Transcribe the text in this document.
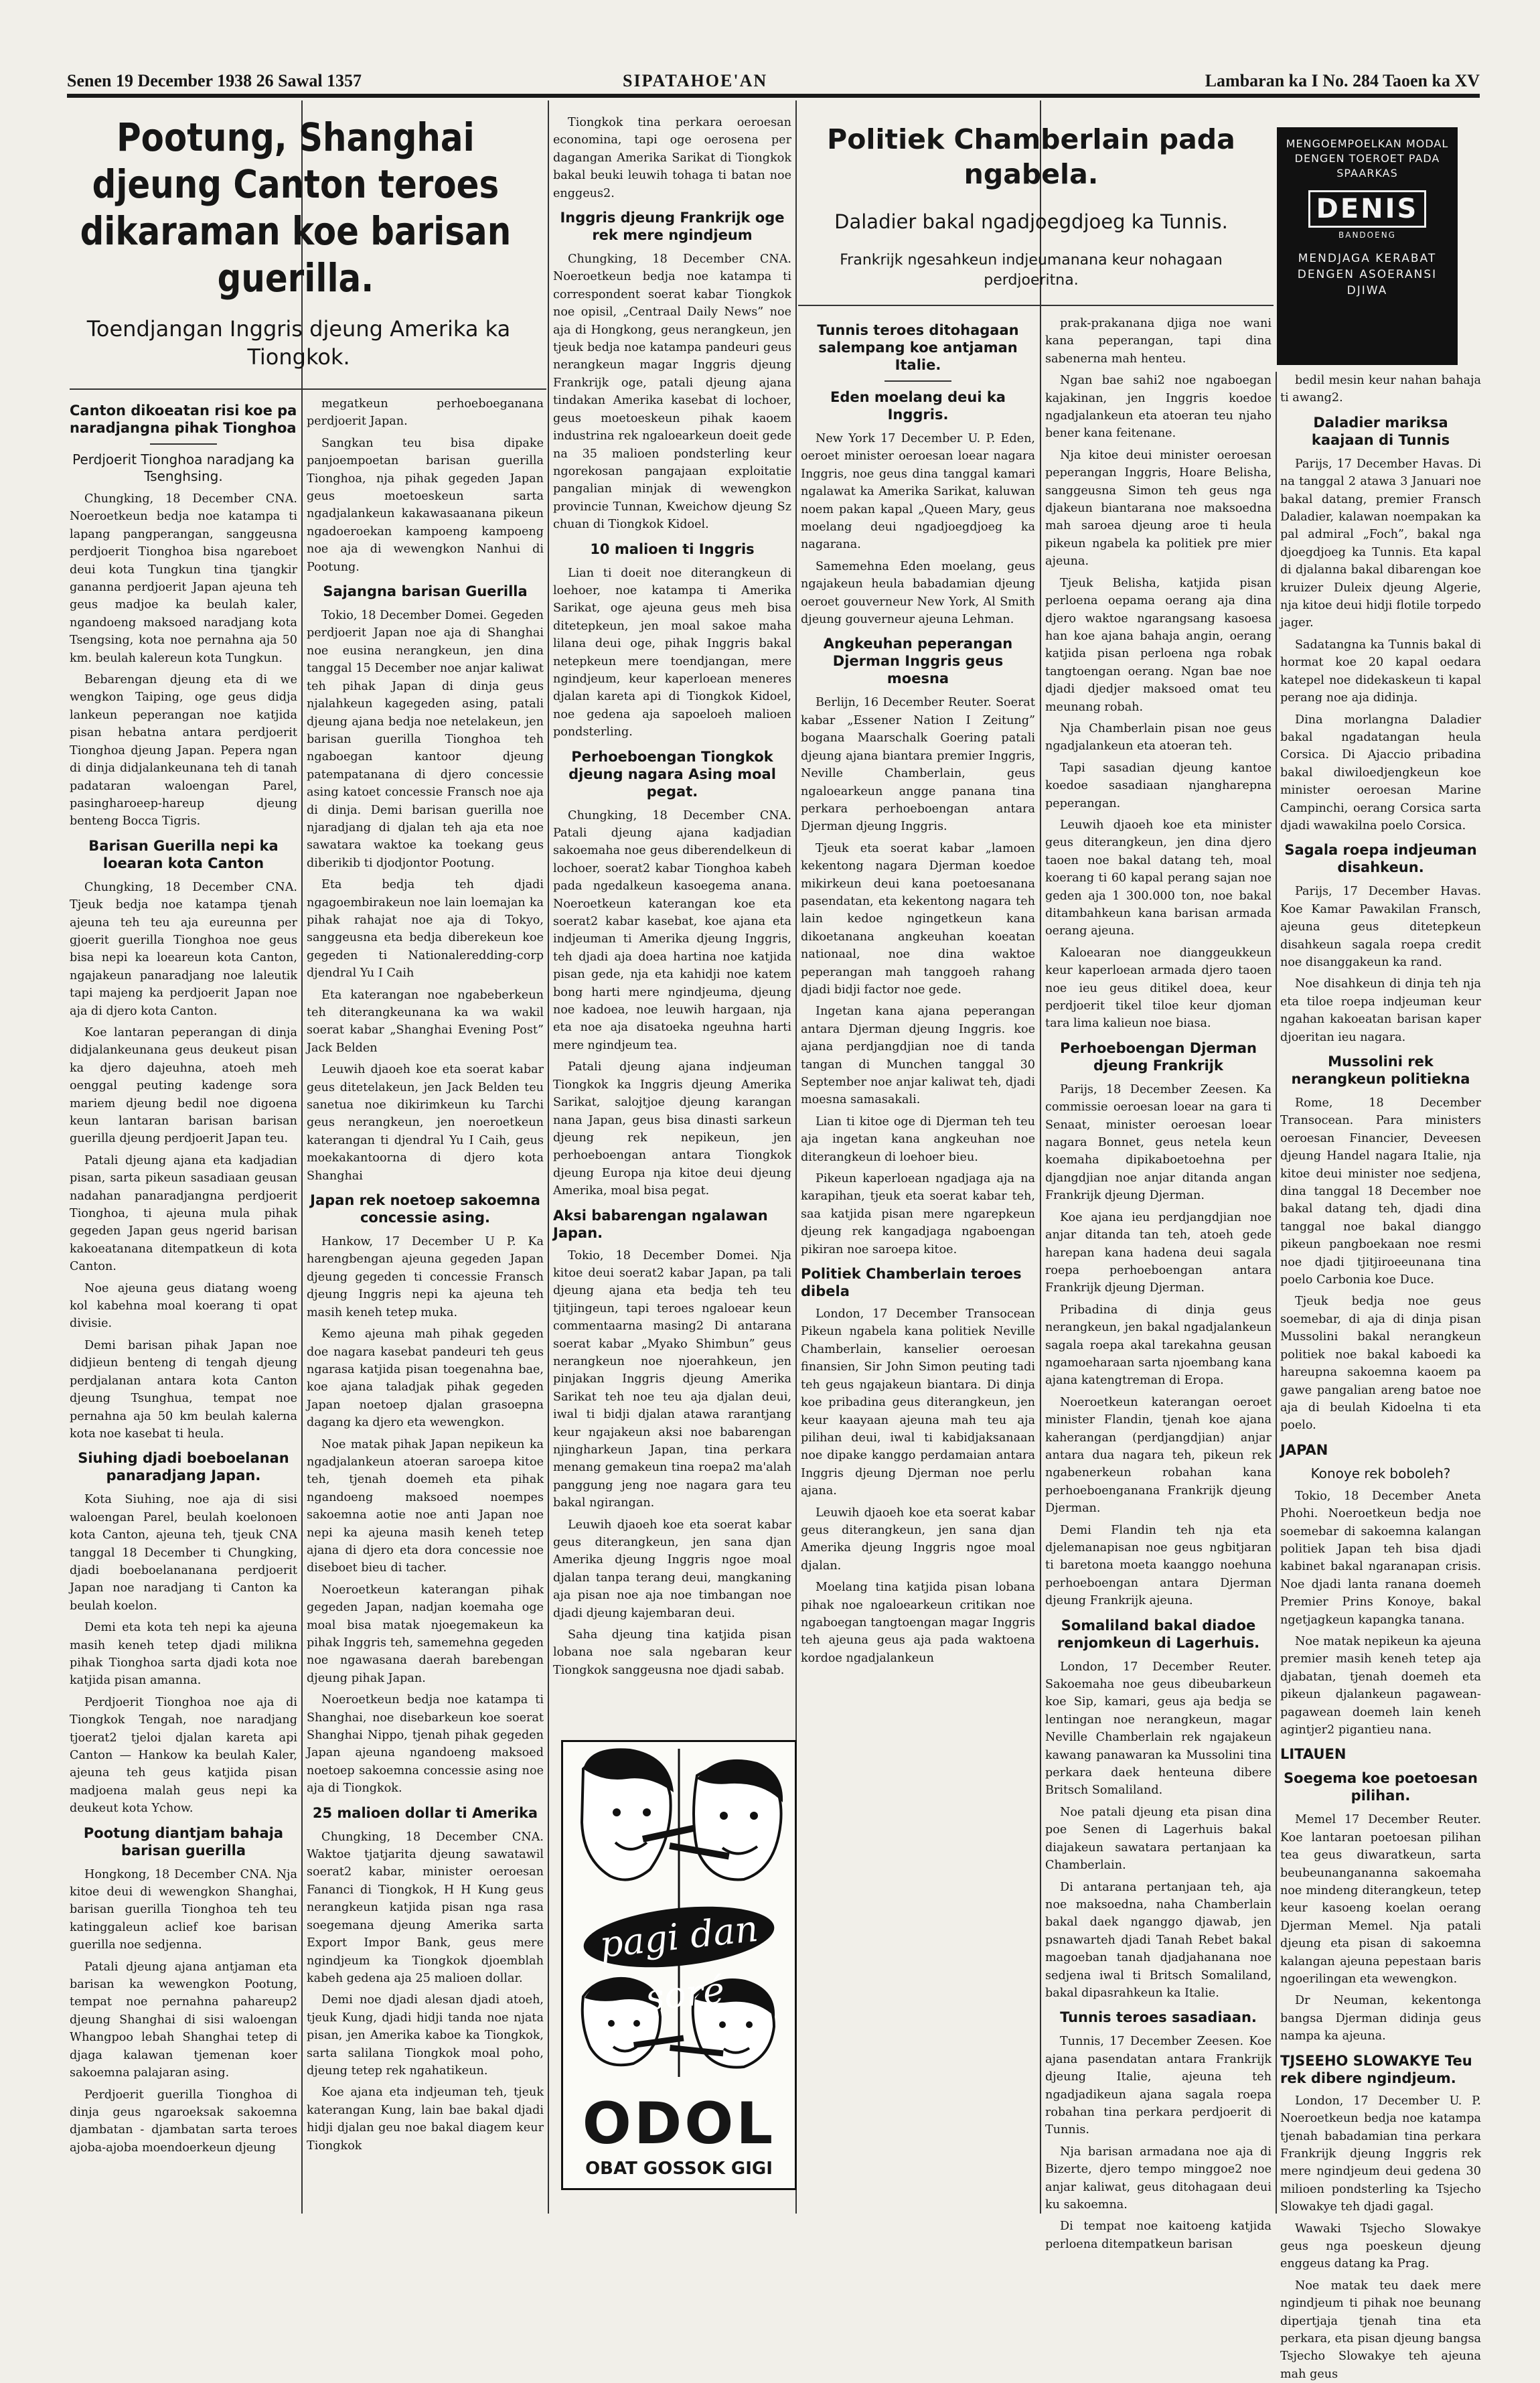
Senen 19 December 1938 26 Sawal 1357	SIPATAHOE'AN	Lambaran ka I No. 284 Taoen ka XV
Pootung, Shanghai djeung Canton teroes dikaraman koe barisan guerilla.
Toendjangan Inggris djeung Amerika ka Tiongkok.
Canton dikoeatan risi koe pa naradjangna pihak Tionghoa
Perdjoerit Tionghoa naradjang ka Tsenghsing.

Chungking, 18 December CNA. Noeroetkeun bedja noe katampa ti lapang pangperangan, sanggeusna perdjoerit Tionghoa bisa ngareboet deui kota Tungkun tina tjangkir gananna perdjoerit Japan ajeuna teh geus madjoe ka beulah kaler, ngandoeng maksoed naradjang kota Tsengsing, kota noe pernahna aja 50 km. beulah kalereun kota Tungkun.

Bebarengan djeung eta di we wengkon Taiping, oge geus didja lankeun peperangan noe katjida pisan hebatna antara perdjoerit Tionghoa djeung Japan. Pepera ngan di dinja didjalankeunana teh di tanah padataran waloengan Parel, pasingharoeep-hareup djeung benteng Bocca Tigris.

Barisan Guerilla nepi ka loearan kota Canton

Chungking, 18 December CNA. Tjeuk bedja noe katampa tjenah ajeuna teh teu aja eureunna per gjoerit guerilla Tionghoa noe geus bisa nepi ka loeareun kota Canton, ngajakeun panaradjang noe laleutik tapi majeng ka perdjoerit Japan noe aja di djero kota Canton.

Koe lantaran peperangan di dinja didjalankeunana geus deukeut pisan ka djero dajeuhna, atoeh meh oenggal peuting kadenge sora mariem djeung bedil noe digoena keun lantaran barisan barisan guerilla djeung perdjoerit Japan teu.

Patali djeung ajana eta kadjadian pisan, sarta pikeun sasadiaan geusan nadahan panaradjangna perdjoerit Tionghoa, ti ajeuna mula pihak gegeden Japan geus ngerid barisan kakoeatanana ditempatkeun di kota Canton.

Noe ajeuna geus diatang woeng kol kabehna moal koerang ti opat divisie.

Demi barisan pihak Japan noe didjieun benteng di tengah djeung perdjalanan antara kota Canton djeung Tsunghua, tempat noe pernahna aja 50 km beulah kalerna kota noe kasebat ti heula.

Siuhing djadi boeboelanan panaradjang Japan.

Kota Siuhing, noe aja di sisi waloengan Parel, beulah koelonoen kota Canton, ajeuna teh, tjeuk CNA tanggal 18 December ti Chungking, djadi boeboelananana perdjoerit Japan noe naradjang ti Canton ka beulah koelon.

Demi eta kota teh nepi ka ajeuna masih keneh tetep djadi milikna pihak Tionghoa sarta djadi kota noe katjida pisan amanna.

Perdjoerit Tionghoa noe aja di Tiongkok Tengah, noe naradjang tjoerat2 tjeloi djalan kareta api Canton — Hankow ka beulah Kaler, ajeuna teh geus katjida pisan madjoena malah geus nepi ka deukeut kota Ychow.

Pootung diantjam bahaja barisan guerilla

Hongkong, 18 December CNA. Nja kitoe deui di wewengkon Shanghai, barisan guerilla Tionghoa teh teu katinggaleun aclief koe barisan guerilla noe sedjenna.

Patali djeung ajana antjaman eta barisan ka wewengkon Pootung, tempat noe pernahna pahareup2 djeung Shanghai di sisi waloengan Whangpoo lebah Shanghai tetep di djaga kalawan tjemenan koer sakoemna palajaran asing.

Perdjoerit guerilla Tionghoa di dinja geus ngaroeksak sakoemna djambatan - djambatan sarta teroes ajoba-ajoba moendoerkeun djeung

megatkeun perhoeboeganana perdjoerit Japan.

Sangkan teu bisa dipake panjoempoetan barisan guerilla Tionghoa, nja pihak gegeden Japan geus moetoeskeun sarta ngadjalankeun kakawasaanana pikeun ngadoeroekan kampoeng kampoeng noe aja di wewengkon Nanhui di Pootung.

Sajangna barisan Guerilla

Tokio, 18 December Domei. Gegeden perdjoerit Japan noe aja di Shanghai noe eusina nerangkeun, jen dina tanggal 15 December noe anjar kaliwat teh pihak Japan di dinja geus njalahkeun kagegeden asing, patali djeung ajana bedja noe netelakeun, jen barisan guerilla Tionghoa teh ngaboegan kantoor djeung patempatanana di djero concessie asing katoet concessie Fransch noe aja di dinja. Demi barisan guerilla noe njaradjang di djalan teh aja eta noe sawatara waktoe ka toekang geus diberikib ti djodjontor Pootung.

Eta bedja teh djadi ngagoembirakeun noe lain loemajan ka pihak rahajat noe aja di Tokyo, sanggeusna eta bedja diberekeun koe gegeden ti Nationaleredding-corp djendral Yu I Caih

Eta katerangan noe ngabeberkeun teh diterangkeunana ka wa wakil soerat kabar „Shanghai Evening Post” Jack Belden

Leuwih djaoeh koe eta soerat kabar geus ditetelakeun, jen Jack Belden teu sanetua noe dikirimkeun ku Tarchi geus nerangkeun, jen noeroetkeun katerangan ti djendral Yu I Caih, geus moekakantoorna di djero kota Shanghai

Japan rek noetoep sakoemna concessie asing.

Hankow, 17 December U P. Ka harengbengan ajeuna gegeden Japan djeung gegeden ti concessie Fransch djeung Inggris nepi ka ajeuna teh masih keneh tetep muka.

Kemo ajeuna mah pihak gegeden doe nagara kasebat pandeuri teh geus ngarasa katjida pisan toegenahna bae, koe ajana taladjak pihak gegeden Japan noetoep djalan grasoepna dagang ka djero eta wewengkon.

Noe matak pihak Japan nepikeun ka ngadjalankeun atoeran saroepa kitoe teh, tjenah doemeh eta pihak ngandoeng maksoed noempes sakoemna aotie noe anti Japan noe nepi ka ajeuna masih keneh tetep ajana di djero eta dora concessie noe diseboet bieu di tacher.

Noeroetkeun katerangan pihak gegeden Japan, nadjan koemaha oge moal bisa matak njoegemakeun ka pihak Inggris teh, samemehna gegeden noe ngawasana daerah barebengan djeung pihak Japan.

Noeroetkeun bedja noe katampa ti Shanghai, noe disebarkeun koe soerat Shanghai Nippo, tjenah pihak gegeden Japan ajeuna ngandoeng maksoed noetoep sakoemna concessie asing noe aja di Tiongkok.

25 malioen dollar ti Amerika

Chungking, 18 December CNA. Waktoe tjatjarita djeung sawatawil soerat2 kabar, minister oeroesan Fananci di Tiongkok, H H Kung geus nerangkeun katjida pisan nga rasa soegemana djeung Amerika sarta Export Impor Bank, geus mere ngindjeum ka Tiongkok djoemblah kabeh gedena aja 25 malioen dollar.

Demi noe djadi alesan djadi atoeh, tjeuk Kung, djadi hidji tanda noe njata pisan, jen Amerika kaboe ka Tiongkok, sarta salilana Tiongkok moal poho, djeung tetep rek ngahatikeun.

Koe ajana eta indjeuman teh, tjeuk katerangan Kung, lain bae bakal djadi hidji djalan geu noe bakal diagem keur Tiongkok

Tiongkok tina perkara oeroesan economina, tapi oge oerosena per dagangan Amerika Sarikat di Tiongkok bakal beuki leuwih tohaga ti batan noe enggeus2.

Inggris djeung Frankrijk oge rek mere ngindjeum

Chungking, 18 December CNA. Noeroetkeun bedja noe katampa ti correspondent soerat kabar Tiongkok noe opisil, „Centraal Daily News” noe aja di Hongkong, geus nerangkeun, jen tjeuk bedja noe katampa pandeuri geus nerangkeun magar Inggris djeung Frankrijk oge, patali djeung ajana tindakan Amerika kasebat di lochoer, geus moetoeskeun pihak kaoem industrina rek ngaloearkeun doeit gede na 35 malioen pondsterling keur ngorekosan pangajaan exploitatie pangalian minjak di wewengkon provincie Tunnan, Kweichow djeung Sz chuan di Tiongkok Kidoel.

10 malioen ti Inggris

Lian ti doeit noe diterangkeun di loehoer, noe katampa ti Amerika Sarikat, oge ajeuna geus meh bisa ditetepkeun, jen moal sakoe maha lilana deui oge, pihak Inggris bakal netepkeun mere toendjangan, mere ngindjeum, keur kaperloean meneres djalan kareta api di Tiongkok Kidoel, noe gedena aja sapoeloeh malioen pondsterling.

Perhoeboengan Tiongkok djeung nagara Asing moal pegat.

Chungking, 18 December CNA. Patali djeung ajana kadjadian sakoemaha noe geus diberendelkeun di lochoer, soerat2 kabar Tionghoa kabeh pada ngedalkeun kasoegema anana. Noeroetkeun katerangan koe eta soerat2 kabar kasebat, koe ajana eta indjeuman ti Amerika djeung Inggris, teh djadi aja doea hartina noe katjida pisan gede, nja eta kahidji noe katem bong harti mere ngindjeuma, djeung noe kadoea, noe leuwih hargaan, nja eta noe aja disatoeka ngeuhna harti mere ngindjeum tea.

Patali djeung ajana indjeuman Tiongkok ka Inggris djeung Amerika Sarikat, salojtjoe djeung karangan nana Japan, geus bisa dinasti sarkeun djeung rek nepikeun, jen perhoeboengan antara Tiongkok djeung Europa nja kitoe deui djeung Amerika, moal bisa pegat.

Aksi babarengan ngalawan Japan.

Tokio, 18 December Domei. Nja kitoe deui soerat2 kabar Japan, pa tali djeung ajana eta bedja teh teu tjitjingeun, tapi teroes ngaloear keun commentaarna masing2 Di antarana soerat kabar „Myako Shimbun” geus nerangkeun noe njoerahkeun, jen pinjakan Inggris djeung Amerika Sarikat teh noe teu aja djalan deui, iwal ti bidji djalan atawa rarantjang keur ngajakeun aksi noe babarengan njingharkeun Japan, tina perkara menang gemakeun tina roepa2 ma'alah panggung jeng noe nagara gara teu bakal ngirangan.

Leuwih djaoeh koe eta soerat kabar geus diterangkeun, jen sana djan Amerika djeung Inggris ngoe moal djalan tanpa terang deui, mangkaning aja pisan noe aja noe timbangan noe djadi djeung kajembaran deui.

Saha djeung tina katjida pisan lobana noe sala ngebaran keur Tiongkok sanggeusna noe djadi sabab.

pagi dan soré
ODOL
OBAT GOSSOK GIGI
Politiek Chamberlain pada ngabela.
Daladier bakal ngadjoegdjoeg ka Tunnis.
Frankrijk ngesahkeun indjeumanana keur nohagaan perdjoeritna.
MENGOEMPOELKAN MODAL DENGEN TOEROET PADA SPAARKAS
DENIS
BANDOENG
MENDJAGA KERABAT DENGEN ASOERANSI DJIWA
Tunnis teroes ditohagaan salempang koe antjaman Italie.
Eden moelang deui ka Inggris.

New York 17 December U. P. Eden, oeroet minister oeroesan loear nagara Inggris, noe geus dina tanggal kamari ngalawat ka Amerika Sarikat, kaluwan noem pakan kapal „Queen Mary, geus moelang deui ngadjoegdjoeg ka nagarana.

Samemehna Eden moelang, geus ngajakeun heula babadamian djeung oeroet gouverneur New York, Al Smith djeung gouverneur ajeuna Lehman.

Angkeuhan peperangan Djerman Inggris geus moesna

Berlijn, 16 December Reuter. Soerat kabar „Essener Nation I Zeitung” bogana Maarschalk Goering patali djeung ajana biantara premier Inggris, Neville Chamberlain, geus ngaloearkeun angge panana tina perkara perhoeboengan antara Djerman djeung Inggris.

Tjeuk eta soerat kabar „lamoen kekentong nagara Djerman koedoe mikirkeun deui kana poetoesanana pasendatan, eta kekentong nagara teh lain kedoe ngingetkeun kana dikoetanana angkeuhan koeatan nationaal, noe dina waktoe peperangan mah tanggoeh rahang djadi bidji factor noe gede.

Ingetan kana ajana peperangan antara Djerman djeung Inggris. koe ajana perdjangdjian noe di tanda tangan di Munchen tanggal 30 September noe anjar kaliwat teh, djadi moesna samasakali.

Lian ti kitoe oge di Djerman teh teu aja ingetan kana angkeuhan noe diterangkeun di loehoer bieu.

Pikeun kaperloean ngadjaga aja na karapihan, tjeuk eta soerat kabar teh, saa katjida pisan mere ngarepkeun djeung rek kangadjaga ngaboengan pikiran noe saroepa kitoe.

Politiek Chamberlain teroes dibela

London, 17 December Transocean Pikeun ngabela kana politiek Neville Chamberlain, kanselier oeroesan finansien, Sir John Simon peuting tadi teh geus ngajakeun biantara. Di dinja koe pribadina geus diterangkeun, jen keur kaayaan ajeuna mah teu aja pilihan deui, iwal ti kabidjaksanaan noe dipake kanggo perdamaian antara Inggris djeung Djerman noe perlu ajana.

Leuwih djaoeh koe eta soerat kabar geus diterangkeun, jen sana djan Amerika djeung Inggris ngoe moal djalan.

Moelang tina katjida pisan lobana pihak noe ngaloearkeun critikan noe ngaboegan tangtoengan magar Inggris teh ajeuna geus aja pada waktoena kordoe ngadjalankeun

prak-prakanana djiga noe wani kana peperangan, tapi dina sabenerna mah henteu.

Ngan bae sahi2 noe ngaboegan kajakinan, jen Inggris koedoe ngadjalankeun eta atoeran teu njaho bener kana feitenane.

Nja kitoe deui minister oeroesan peperangan Inggris, Hoare Belisha, sanggeusna Simon teh geus nga djakeun biantarana noe maksoedna mah saroea djeung aroe ti heula pikeun ngabela ka politiek pre mier ajeuna.

Tjeuk Belisha, katjida pisan perloena oepama oerang aja dina djero waktoe ngarangsang kasoesa han koe ajana bahaja angin, oerang katjida pisan perloena nga robak tangtoengan oerang. Ngan bae noe djadi djedjer maksoed omat teu meunang robah.

Nja Chamberlain pisan noe geus ngadjalankeun eta atoeran teh.

Tapi sasadian djeung kantoe koedoe sasadiaan njangharepna peperangan.

Leuwih djaoeh koe eta minister geus diterangkeun, jen dina djero taoen noe bakal datang teh, moal koerang ti 60 kapal perang sajan noe geden aja 1 300.000 ton, noe bakal ditambahkeun kana barisan armada oerang ajeuna.

Kaloearan noe dianggeukkeun keur kaperloean armada djero taoen noe ieu geus ditikel doea, keur perdjoerit tikel tiloe keur djoman tara lima kalieun noe biasa.

Perhoeboengan Djerman djeung Frankrijk

Parijs, 18 December Zeesen. Ka commissie oeroesan loear na gara ti Senaat, minister oeroesan loear nagara Bonnet, geus netela keun koemaha dipikaboetoehna per djangdjian noe anjar ditanda angan Frankrijk djeung Djerman.

Koe ajana ieu perdjangdjian noe anjar ditanda tan teh, atoeh gede harepan kana hadena deui sagala roepa perhoeboengan antara Frankrijk djeung Djerman.

Pribadina di dinja geus nerangkeun, jen bakal ngadjalankeun sagala roepa akal tarekahna geusan ngamoeharaan sarta njoembang kana ajana katengtreman di Eropa.

Noeroetkeun katerangan oeroet minister Flandin, tjenah koe ajana kaherangan (perdjangdjian) anjar antara dua nagara teh, pikeun rek ngabenerkeun robahan kana perhoeboenganana Frankrijk djeung Djerman.

Demi Flandin teh nja eta djelemanapisan noe geus ngbitjaran ti baretona moeta kaanggo noehuna perhoeboengan antara Djerman djeung Frankrijk ajeuna.

Somaliland bakal diadoe renjomkeun di Lagerhuis.

London, 17 December Reuter. Sakoemaha noe geus dibeubarkeun koe Sip, kamari, geus aja bedja se lentingan noe nerangkeun, magar Neville Chamberlain rek ngajakeun kawang panawaran ka Mussolini tina perkara daek henteuna dibere Britsch Somaliland.

Noe patali djeung eta pisan dina poe Senen di Lagerhuis bakal diajakeun sawatara pertanjaan ka Chamberlain.

Di antarana pertanjaan teh, aja noe maksoedna, naha Chamberlain bakal daek nganggo djawab, jen psnawarteh djadi Tanah Rebet bakal magoeban tanah djadjahanana noe sedjena iwal ti Britsch Somaliland, bakal dipasrahkeun ka Italie.

Tunnis teroes sasadiaan.

Tunnis, 17 December Zeesen. Koe ajana pasendatan antara Frankrijk djeung Italie, ajeuna teh ngadjadikeun ajana sagala roepa robahan tina perkara perdjoerit di Tunnis.

Nja barisan armadana noe aja di Bizerte, djero tempo minggoe2 noe anjar kaliwat, geus ditohagaan deui ku sakoemna.

Di tempat noe kaitoeng katjida perloena ditempatkeun barisan

bedil mesin keur nahan bahaja ti awang2.

Daladier mariksa kaajaan di Tunnis

Parijs, 17 December Havas. Di na tanggal 2 atawa 3 Januari noe bakal datang, premier Fransch Daladier, kalawan noempakan ka pal admiral „Foch”, bakal nga djoegdjoeg ka Tunnis. Eta kapal di djalanna bakal dibarengan koe kruizer Duleix djeung Algerie, nja kitoe deui hidji flotile torpedo jager.

Sadatangna ka Tunnis bakal di hormat koe 20 kapal oedara katepel noe didekaskeun ti kapal perang noe aja didinja.

Dina morlangna Daladier bakal ngadatangan heula Corsica. Di Ajaccio pribadina bakal diwiloedjengkeun koe minister oeroesan Marine Campinchi, oerang Corsica sarta djadi wawakilna poelo Corsica.

Sagala roepa indjeuman disahkeun.

Parijs, 17 December Havas. Koe Kamar Pawakilan Fransch, ajeuna geus ditetepkeun disahkeun sagala roepa credit noe disanggakeun ka rand.

Noe disahkeun di dinja teh nja eta tiloe roepa indjeuman keur ngahan kakoeatan barisan kaper djoeritan ieu nagara.

Mussolini rek nerangkeun politiekna

Rome, 18 December Transocean. Para ministers oeroesan Financier, Deveesen djeung Handel nagara Italie, nja kitoe deui minister noe sedjena, dina tanggal 18 December noe bakal datang teh, djadi dina tanggal noe bakal dianggo pikeun pangboekaan noe resmi noe djadi tjitjiroeeunana tina poelo Carbonia koe Duce.

Tjeuk bedja noe geus soemebar, di aja di dinja pisan Mussolini bakal nerangkeun politiek noe bakal kaboedi ka hareupna sakoemna kaoem pa gawe pangalian areng batoe noe aja di beulah Kidoelna ti eta poelo.

JAPAN
Konoye rek boboleh?

Tokio, 18 December Aneta Phohi. Noeroetkeun bedja noe soemebar di sakoemna kalangan politiek Japan teh bisa djadi kabinet bakal ngaranapan crisis. Noe djadi lanta ranana doemeh Premier Prins Konoye, bakal ngetjagkeun kapangka tanana.

Noe matak nepikeun ka ajeuna premier masih keneh tetep aja djabatan, tjenah doemeh eta pikeun djalankeun pagawean-pagawean doemeh lain keneh agintjer2 pigantieu nana.

LITAUEN
Soegema koe poetoesan pilihan.

Memel 17 December Reuter. Koe lantaran poetoesan pilihan tea geus diwaratkeun, sarta beubeunangananna sakoemaha noe mindeng diterangkeun, tetep keur kasoeng koelan oerang Djerman Memel. Nja patali djeung eta pisan di sakoemna kalangan ajeuna pepestaan baris ngoerilingan eta wewengkon.

Dr Neuman, kekentonga bangsa Djerman didinja geus nampa ka ajeuna.

TJSEEHO SLOWAKYE Teu rek dibere ngindjeum.

London, 17 December U. P. Noeroetkeun bedja noe katampa tjenah babadamian tina perkara Frankrijk djeung Inggris rek mere ngindjeum deui gedena 30 milioen pondsterling ka Tsjecho Slowakye teh djadi gagal.

Wawaki Tsjecho Slowakye geus nga poeskeun djeung enggeus datang ka Prag.

Noe matak teu daek mere ngindjeum ti pihak noe beunang dipertjaja tjenah tina eta perkara, eta pisan djeung bangsa Tsjecho Slowakye teh ajeuna mah geus
